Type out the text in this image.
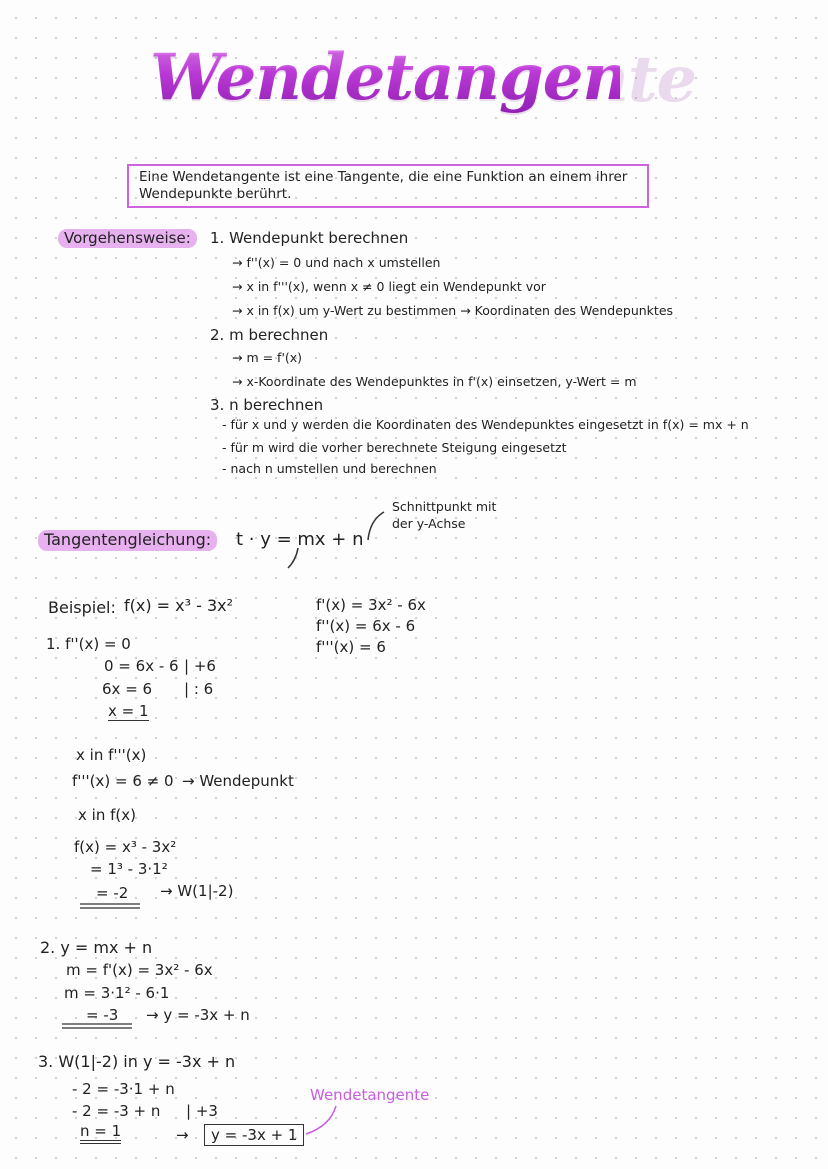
Wendetangente
Eine Wendetangente ist eine Tangente, die eine Funktion an einem ihrer Wendepunkte berührt.
Vorgehensweise:	1. Wendepunkt berechnen
→ f''(x) = 0 und nach x umstellen
→ x in f'''(x), wenn x ≠ 0 liegt ein Wendepunkt vor
→ x in f(x) um y-Wert zu bestimmen → Koordinaten des Wendepunktes
2. m berechnen
→ m = f'(x)
→ x-Koordinate des Wendepunktes in f'(x) einsetzen, y-Wert = m
3. n berechnen
- für x und y werden die Koordinaten des Wendepunktes eingesetzt in f(x) = mx + n
- für m wird die vorher berechnete Steigung eingesetzt
- nach n umstellen und berechnen
Tangentengleichung:	t · y = mx + n
Schnittpunkt mit
der y-Achse
Beispiel: f(x) = x³ - 3x²	f'(x) = 3x² - 6x
f''(x) = 6x - 6
f'''(x) = 6
1. f''(x) = 0
0 = 6x - 6 | +6
6x = 6 | : 6
x = 1
x in f'''(x)
f'''(x) = 6 ≠ 0 → Wendepunkt
x in f(x)
f(x) = x³ - 3x²
= 1³ - 3·1²
= -2 → W(1|-2)
2. y = mx + n
m = f'(x) = 3x² - 6x
m = 3·1² - 6·1
= -3 → y = -3x + n
3. W(1|-2) in y = -3x + n
- 2 = -3·1 + n
- 2 = -3 + n | +3
n = 1	→	y = -3x + 1
Wendetangente
